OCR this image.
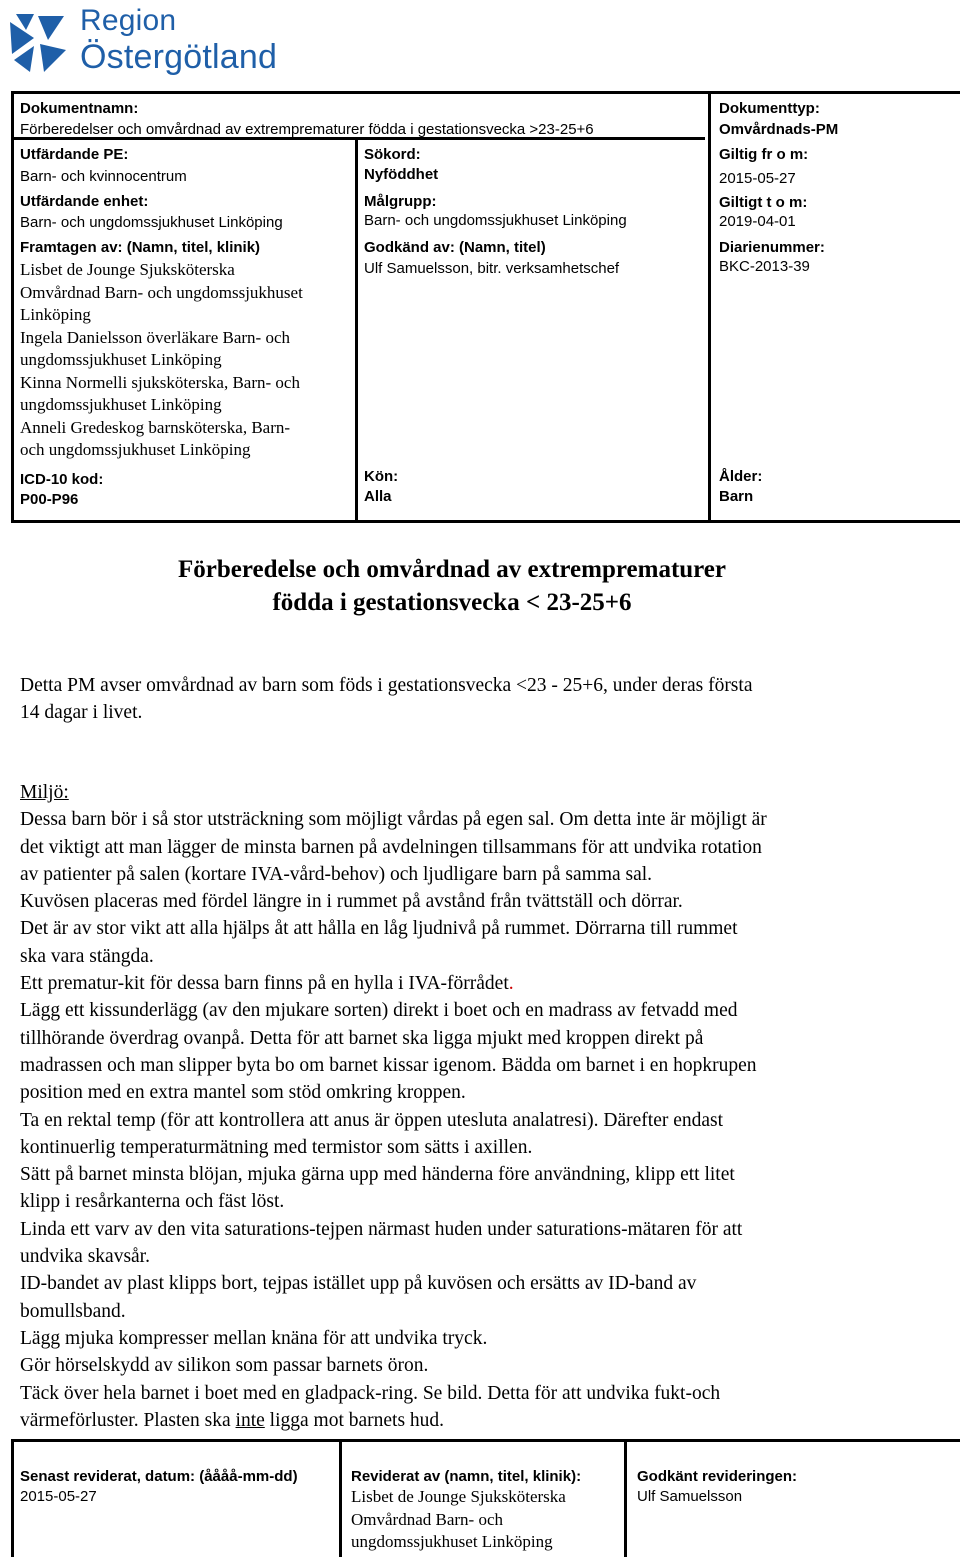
Region
Östergötland
Dokumentnamn:
Förberedelser och omvårdnad av extremprematurer födda i gestationsvecka >23-25+6
Dokumenttyp:
Omvårdnads-PM
Utfärdande PE:
Barn- och kvinnocentrum
Sökord:
Nyföddhet
Giltig fr o m:
2015-05-27
Utfärdande enhet:
Barn- och ungdomssjukhuset Linköping
Målgrupp:
Barn- och ungdomssjukhuset Linköping
Giltigt t o m:
2019-04-01
Framtagen av: (Namn, titel, klinik)
Lisbet de Jounge Sjuksköterska
Omvårdnad Barn- och ungdomssjukhuset
Linköping
Ingela Danielsson överläkare Barn- och
ungdomssjukhuset Linköping
Kinna Normelli sjuksköterska, Barn- och
ungdomssjukhuset Linköping
Anneli Gredeskog barnsköterska, Barn-
och ungdomssjukhuset Linköping
Godkänd av: (Namn, titel)
Ulf Samuelsson, bitr. verksamhetschef
Diarienummer:
BKC-2013-39
ICD-10 kod:
P00-P96
Kön:
Alla
Ålder:
Barn
Förberedelse och omvårdnad av extremprematurer
födda i gestationsvecka < 23-25+6
Detta PM avser omvårdnad av barn som föds i gestationsvecka <23 - 25+6, under deras första
14 dagar i livet.
Miljö:
Dessa barn bör i så stor utsträckning som möjligt vårdas på egen sal. Om detta inte är möjligt är
det viktigt att man lägger de minsta barnen på avdelningen tillsammans för att undvika rotation
av patienter på salen (kortare IVA-vård-behov) och ljudligare barn på samma sal.
Kuvösen placeras med fördel längre in i rummet på avstånd från tvättställ och dörrar.
Det är av stor vikt att alla hjälps åt att hålla en låg ljudnivå på rummet. Dörrarna till rummet
ska vara stängda.
Ett prematur-kit för dessa barn finns på en hylla i IVA-förrådet.
Lägg ett kissunderlägg (av den mjukare sorten) direkt i boet och en madrass av fetvadd med
tillhörande överdrag ovanpå. Detta för att barnet ska ligga mjukt med kroppen direkt på
madrassen och man slipper byta bo om barnet kissar igenom. Bädda om barnet i en hopkrupen
position med en extra mantel som stöd omkring kroppen.
Ta en rektal temp (för att kontrollera att anus är öppen utesluta analatresi). Därefter endast
kontinuerlig temperaturmätning med termistor som sätts i axillen.
Sätt på barnet minsta blöjan, mjuka gärna upp med händerna före användning, klipp ett litet
klipp i resårkanterna och fäst löst.
Linda ett varv av den vita saturations-tejpen närmast huden under saturations-mätaren för att
undvika skavsår.
ID-bandet av plast klipps bort, tejpas istället upp på kuvösen och ersätts av ID-band av
bomullsband.
Lägg mjuka kompresser mellan knäna för att undvika tryck.
Gör hörselskydd av silikon som passar barnets öron.
Täck över hela barnet i boet med en gladpack-ring. Se bild. Detta för att undvika fukt-och
värmeförluster. Plasten ska inte ligga mot barnets hud.
Senast reviderat, datum: (åååå-mm-dd)
2015-05-27
Reviderat av (namn, titel, klinik):
Lisbet de Jounge Sjuksköterska
Omvårdnad Barn- och
ungdomssjukhuset Linköping
Godkänt revideringen:
Ulf Samuelsson
